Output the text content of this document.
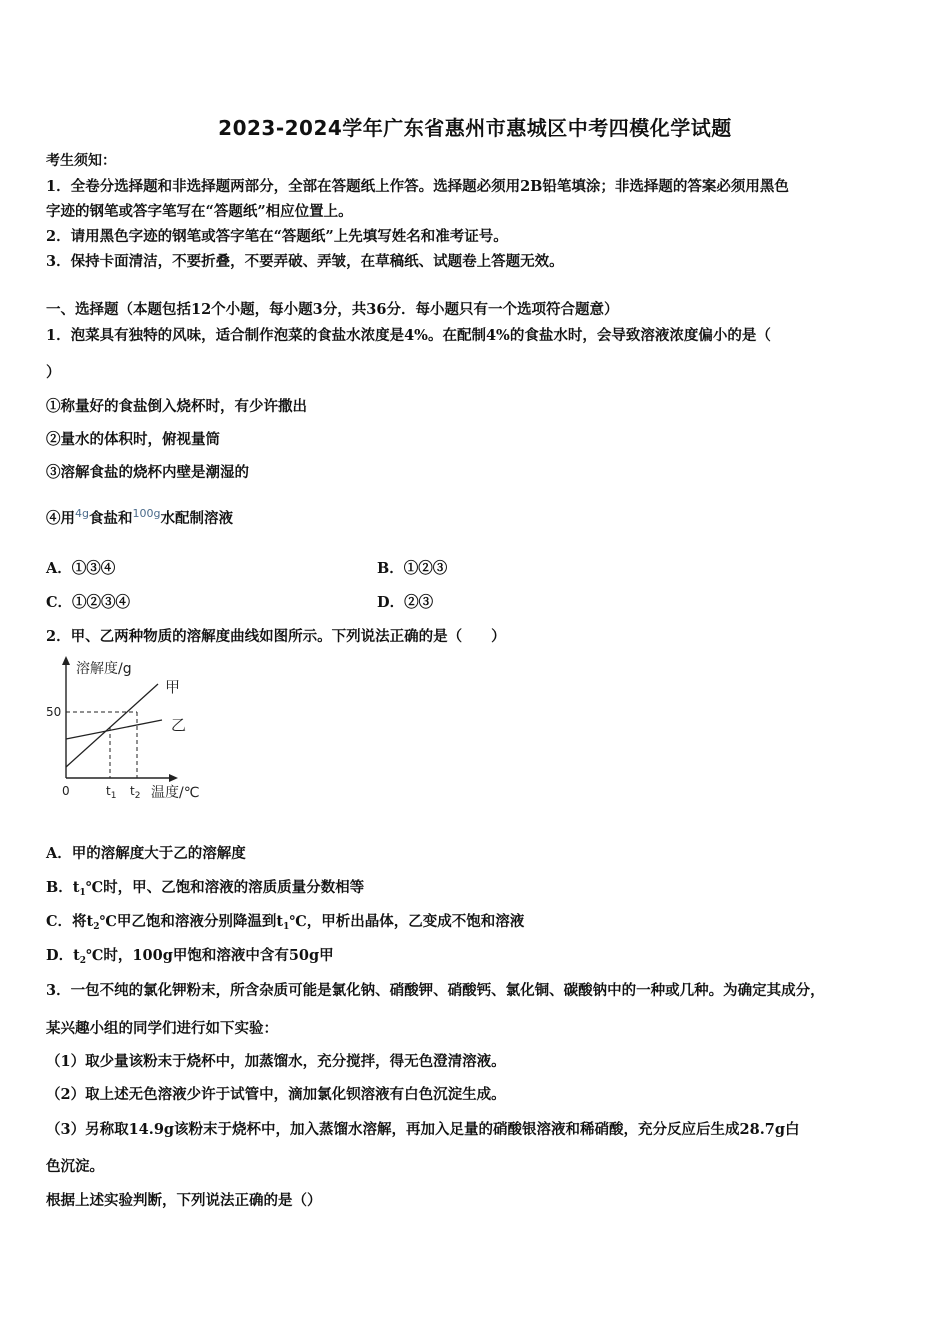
2023-2024学年广东省惠州市惠城区中考四模化学试题
考生须知：
1．全卷分选择题和非选择题两部分，全部在答题纸上作答。选择题必须用2B铅笔填涂；非选择题的答案必须用黑色
字迹的钢笔或答字笔写在“答题纸”相应位置上。
2．请用黑色字迹的钢笔或答字笔在“答题纸”上先填写姓名和准考证号。
3．保持卡面清洁，不要折叠，不要弄破、弄皱，在草稿纸、试题卷上答题无效。
一、选择题（本题包括12个小题，每小题3分，共36分．每小题只有一个选项符合题意）
1．泡菜具有独特的风味，适合制作泡菜的食盐水浓度是4%。在配制4%的食盐水时，会导致溶液浓度偏小的是（
）
①称量好的食盐倒入烧杯时，有少许撒出
②量水的体积时，俯视量筒
③溶解食盐的烧杯内壁是潮湿的
④用$^{4g}$食盐和$^{100g}$水配制溶液
A．①③④	B．①②③
C．①②③④	D．②③
2．甲、乙两种物质的溶解度曲线如图所示。下列说法正确的是（　　）
溶解度/g
50
0	$t_1$ $t_2$ 温度/℃
甲
乙
A．甲的溶解度大于乙的溶解度
B．$t_1℃$时，甲、乙饱和溶液的溶质质量分数相等
C．将$t_2℃$甲乙饱和溶液分别降温到$t_1℃$，甲析出晶体，乙变成不饱和溶液
D．$t_2℃$时，100g甲饱和溶液中含有50g甲
3．一包不纯的氯化钾粉末，所含杂质可能是氯化钠、硝酸钾、硝酸钙、氯化铜、碳酸钠中的一种或几种。为确定其成分，
某兴趣小组的同学们进行如下实验：
（1）取少量该粉末于烧杯中，加蒸馏水，充分搅拌，得无色澄清溶液。
（2）取上述无色溶液少许于试管中，滴加氯化钡溶液有白色沉淀生成。
（3）另称取14.9g该粉末于烧杯中，加入蒸馏水溶解，再加入足量的硝酸银溶液和稀硝酸，充分反应后生成28.7g白
色沉淀。
根据上述实验判断，下列说法正确的是（）
